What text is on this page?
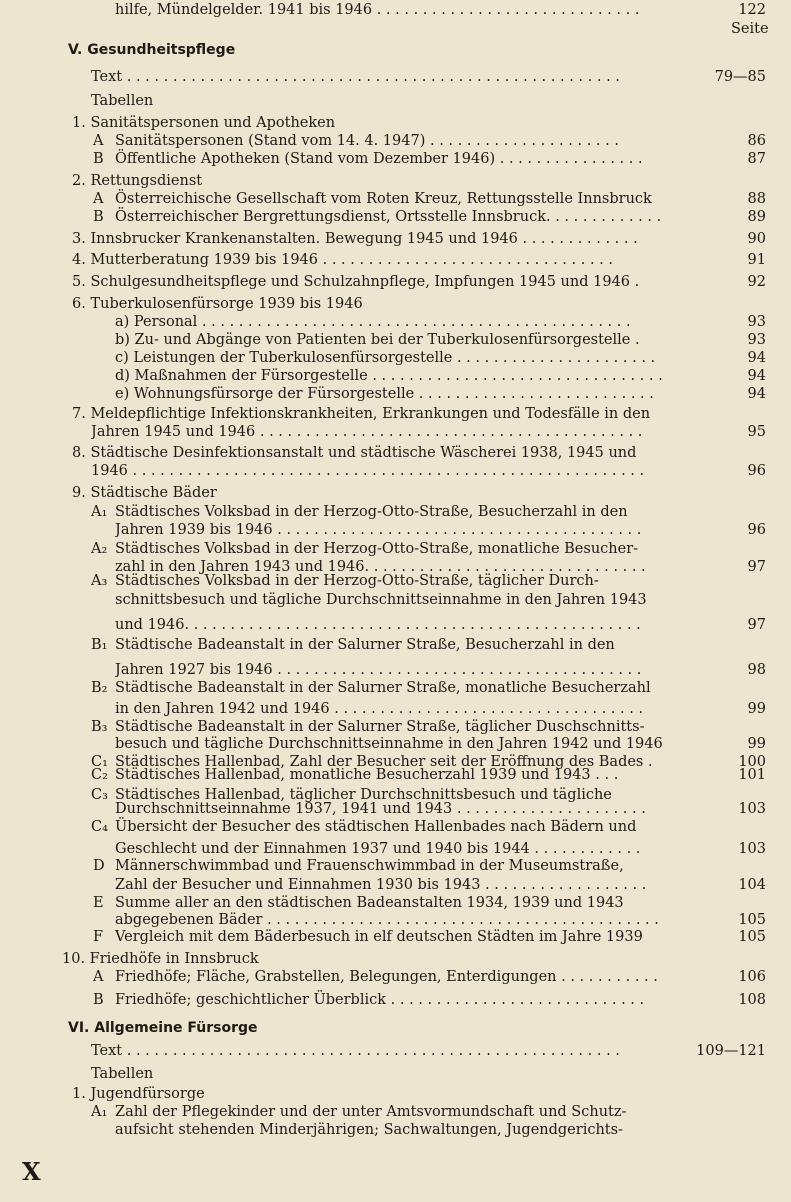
Seite
V. Gesundheitspflege
Text . . . . . . . . . . . . . . . . . . . . . . . . . . . . . . . . . . . . . . . . . . . . . . . . . . . . . .	79—85
Tabellen
1. Sanitätspersonen und Apotheken
A Sanitätspersonen (Stand vom 14. 4. 1947) . . . . . . . . . . . . . . . . . . . . .	86
B Öffentliche Apotheken (Stand vom Dezember 1946) . . . . . . . . . . . . . . . .	87
2. Rettungsdienst
A Österreichische Gesellschaft vom Roten Kreuz, Rettungsstelle Innsbruck	88
B Österreichischer Bergrettungsdienst, Ortsstelle Innsbruck. . . . . . . . . . . . .	89
3. Innsbrucker Krankenanstalten. Bewegung 1945 und 1946 . . . . . . . . . . . . .	90
4. Mutterberatung 1939 bis 1946 . . . . . . . . . . . . . . . . . . . . . . . . . . . . . . . .	91
5. Schulgesundheitspflege und Schulzahnpflege, Impfungen 1945 und 1946 .	92
6. Tuberkulosenfürsorge 1939 bis 1946
a) Personal . . . . . . . . . . . . . . . . . . . . . . . . . . . . . . . . . . . . . . . . . . . . . . .	93
b) Zu- und Abgänge von Patienten bei der Tuberkulosenfürsorgestelle .	93
c) Leistungen der Tuberkulosenfürsorgestelle . . . . . . . . . . . . . . . . . . . . . .	94
d) Maßnahmen der Fürsorgestelle . . . . . . . . . . . . . . . . . . . . . . . . . . . . . . . .	94
e) Wohnungsfürsorge der Fürsorgestelle . . . . . . . . . . . . . . . . . . . . . . . . . .	94
7. Meldepflichtige Infektionskrankheiten, Erkrankungen und Todesfälle in den
Jahren 1945 und 1946 . . . . . . . . . . . . . . . . . . . . . . . . . . . . . . . . . . . . . . . . . .	95
8. Städtische Desinfektionsanstalt und städtische Wäscherei 1938, 1945 und
1946 . . . . . . . . . . . . . . . . . . . . . . . . . . . . . . . . . . . . . . . . . . . . . . . . . . . . . . . .	96
9. Städtische Bäder
A₁ Städtisches Volksbad in der Herzog-Otto-Straße, Besucherzahl in den
Jahren 1939 bis 1946 . . . . . . . . . . . . . . . . . . . . . . . . . . . . . . . . . . . . . . . .	96
A₂ Städtisches Volksbad in der Herzog-Otto-Straße, monatliche Besucher-
zahl in den Jahren 1943 und 1946. . . . . . . . . . . . . . . . . . . . . . . . . . . . . . .	97
A₃ Städtisches Volksbad in der Herzog-Otto-Straße, täglicher Durch-
schnittsbesuch und tägliche Durchschnittseinnahme in den Jahren 1943
und 1946. . . . . . . . . . . . . . . . . . . . . . . . . . . . . . . . . . . . . . . . . . . . . . . . . .	97
B₁ Städtische Badeanstalt in der Salurner Straße, Besucherzahl in den
Jahren 1927 bis 1946 . . . . . . . . . . . . . . . . . . . . . . . . . . . . . . . . . . . . . . . .	98
B₂ Städtische Badeanstalt in der Salurner Straße, monatliche Besucherzahl
in den Jahren 1942 und 1946 . . . . . . . . . . . . . . . . . . . . . . . . . . . . . . . . . .	99
B₃ Städtische Badeanstalt in der Salurner Straße, täglicher Duschschnitts-
besuch und tägliche Durchschnittseinnahme in den Jahren 1942 und 1946	99
C₁ Städtisches Hallenbad, Zahl der Besucher seit der Eröffnung des Bades .	100
C₂ Städtisches Hallenbad, monatliche Besucherzahl 1939 und 1943 . . .	101
C₃ Städtisches Hallenbad, täglicher Durchschnittsbesuch und tägliche
Durchschnittseinnahme 1937, 1941 und 1943 . . . . . . . . . . . . . . . . . . . . .	103
C₄ Übersicht der Besucher des städtischen Hallenbades nach Bädern und
Geschlecht und der Einnahmen 1937 und 1940 bis 1944 . . . . . . . . . . . .	103
D Männerschwimmbad und Frauenschwimmbad in der Museumstraße,
Zahl der Besucher und Einnahmen 1930 bis 1943 . . . . . . . . . . . . . . . . . .	104
E Summe aller an den städtischen Badeanstalten 1934, 1939 und 1943
abgegebenen Bäder . . . . . . . . . . . . . . . . . . . . . . . . . . . . . . . . . . . . . . . . . . .	105
F Vergleich mit dem Bäderbesuch in elf deutschen Städten im Jahre 1939	105
10. Friedhöfe in Innsbruck
A Friedhöfe; Fläche, Grabstellen, Belegungen, Enterdigungen . . . . . . . . . . .	106
B Friedhöfe; geschichtlicher Überblick . . . . . . . . . . . . . . . . . . . . . . . . . . . .	108
VI. Allgemeine Fürsorge
Text . . . . . . . . . . . . . . . . . . . . . . . . . . . . . . . . . . . . . . . . . . . . . . . . . . . . . .	109—121
Tabellen
1. Jugendfürsorge
A₁ Zahl der Pflegekinder und der unter Amtsvormundschaft und Schutz-
aufsicht stehenden Minderjährigen; Sachwaltungen, Jugendgerichts-
hilfe, Mündelgelder. 1941 bis 1946 . . . . . . . . . . . . . . . . . . . . . . . . . . . . .	122
X
